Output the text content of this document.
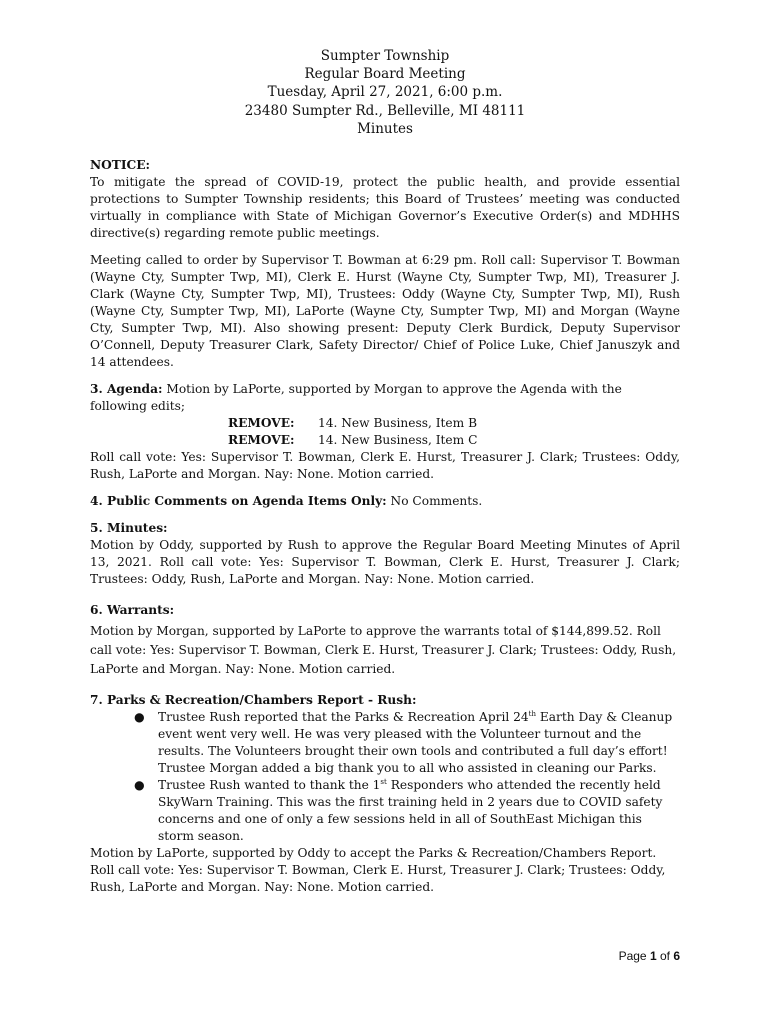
Sumpter Township
Regular Board Meeting
Tuesday, April 27, 2021, 6:00 p.m.
23480 Sumpter Rd., Belleville, MI 48111
Minutes

NOTICE:

To mitigate the spread of COVID-19, protect the public health, and provide essential protections to Sumpter Township residents; this Board of Trustees’ meeting was conducted virtually in compliance with State of Michigan Governor’s Executive Order(s) and MDHHS directive(s) regarding remote public meetings.

Meeting called to order by Supervisor T. Bowman at 6:29 pm. Roll call: Supervisor T. Bowman (Wayne Cty, Sumpter Twp, MI), Clerk E. Hurst (Wayne Cty, Sumpter Twp, MI), Treasurer J. Clark (Wayne Cty, Sumpter Twp, MI), Trustees: Oddy (Wayne Cty, Sumpter Twp, MI), Rush (Wayne Cty, Sumpter Twp, MI), LaPorte (Wayne Cty, Sumpter Twp, MI) and Morgan (Wayne Cty, Sumpter Twp, MI). Also showing present: Deputy Clerk Burdick, Deputy Supervisor O’Connell, Deputy Treasurer Clark, Safety Director/ Chief of Police Luke, Chief Januszyk and 14 attendees.

3. Agenda: Motion by LaPorte, supported by Morgan to approve the Agenda with the following edits;

REMOVE: 14. New Business, Item B
REMOVE: 14. New Business, Item C

Roll call vote: Yes: Supervisor T. Bowman, Clerk E. Hurst, Treasurer J. Clark; Trustees: Oddy, Rush, LaPorte and Morgan. Nay: None. Motion carried.

4. Public Comments on Agenda Items Only: No Comments.

5. Minutes:

Motion by Oddy, supported by Rush to approve the Regular Board Meeting Minutes of April 13, 2021. Roll call vote: Yes: Supervisor T. Bowman, Clerk E. Hurst, Treasurer J. Clark; Trustees: Oddy, Rush, LaPorte and Morgan. Nay: None. Motion carried.

6. Warrants:

Motion by Morgan, supported by LaPorte to approve the warrants total of $144,899.52. Roll call vote: Yes: Supervisor T. Bowman, Clerk E. Hurst, Treasurer J. Clark; Trustees: Oddy, Rush, LaPorte and Morgan. Nay: None. Motion carried.

7. Parks & Recreation/Chambers Report - Rush:

● Trustee Rush reported that the Parks & Recreation April 24th Earth Day & Cleanup event went very well. He was very pleased with the Volunteer turnout and the results. The Volunteers brought their own tools and contributed a full day’s effort! Trustee Morgan added a big thank you to all who assisted in cleaning our Parks.
● Trustee Rush wanted to thank the 1st Responders who attended the recently held SkyWarn Training. This was the first training held in 2 years due to COVID safety concerns and one of only a few sessions held in all of SouthEast Michigan this storm season.

Motion by LaPorte, supported by Oddy to accept the Parks & Recreation/Chambers Report. Roll call vote: Yes: Supervisor T. Bowman, Clerk E. Hurst, Treasurer J. Clark; Trustees: Oddy, Rush, LaPorte and Morgan. Nay: None. Motion carried.

Page 1 of 6
